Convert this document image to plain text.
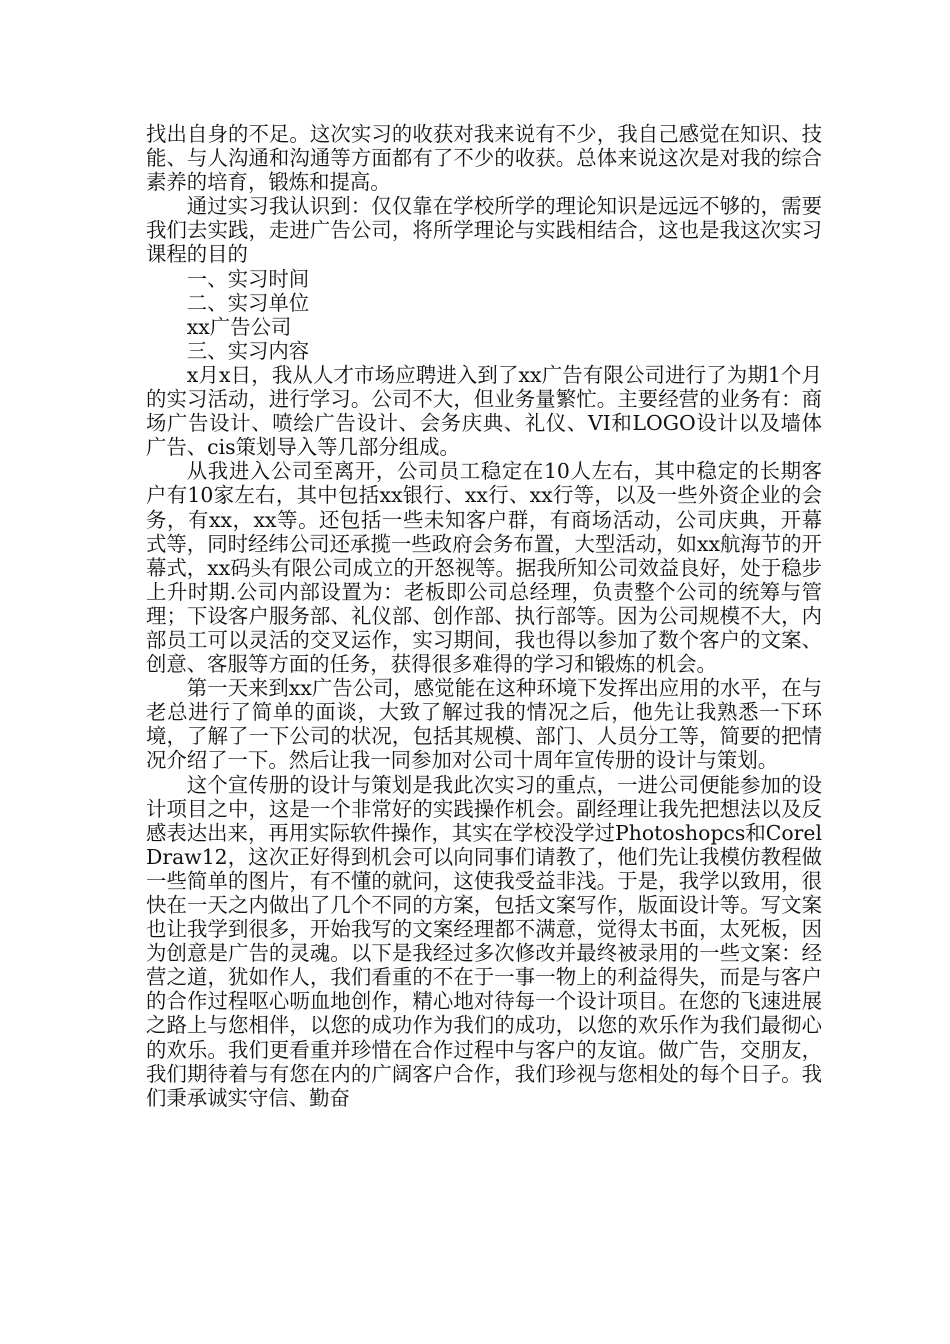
找出自身的不足。这次实习的收获对我来说有不少，我自己感觉在知识、技能、与人沟通和沟通等方面都有了不少的收获。总体来说这次是对我的综合素养的培育，锻炼和提高。

通过实习我认识到：仅仅靠在学校所学的理论知识是远远不够的，需要我们去实践，走进广告公司，将所学理论与实践相结合，这也是我这次实习课程的目的

一、实习时间

二、实习单位

xx广告公司

三、实习内容

x月x日，我从人才市场应聘进入到了xx广告有限公司进行了为期1个月的实习活动，进行学习。公司不大，但业务量繁忙。主要经营的业务有：商场广告设计、喷绘广告设计、会务庆典、礼仪、VI和LOGO设计以及墙体广告、cis策划导入等几部分组成。

从我进入公司至离开，公司员工稳定在10人左右，其中稳定的长期客户有10家左右，其中包括xx银行、xx行、xx行等，以及一些外资企业的会务，有xx，xx等。还包括一些未知客户群，有商场活动，公司庆典，开幕式等，同时经纬公司还承揽一些政府会务布置，大型活动，如xx航海节的开幕式，xx码头有限公司成立的开怒视等。据我所知公司效益良好，处于稳步上升时期.公司内部设置为：老板即公司总经理，负责整个公司的统筹与管理；下设客户服务部、礼仪部、创作部、执行部等。因为公司规模不大，内部员工可以灵活的交叉运作，实习期间，我也得以参加了数个客户的文案、创意、客服等方面的任务，获得很多难得的学习和锻炼的机会。

第一天来到xx广告公司，感觉能在这种环境下发挥出应用的水平，在与老总进行了简单的面谈，大致了解过我的情况之后，他先让我熟悉一下环境，了解了一下公司的状况，包括其规模、部门、人员分工等，简要的把情况介绍了一下。然后让我一同参加对公司十周年宣传册的设计与策划。

这个宣传册的设计与策划是我此次实习的重点，一进公司便能参加的设计项目之中，这是一个非常好的实践操作机会。副经理让我先把想法以及反感表达出来，再用实际软件操作，其实在学校没学过Photoshopcs和CorelDraw12，这次正好得到机会可以向同事们请教了，他们先让我模仿教程做一些简单的图片，有不懂的就问，这使我受益非浅。于是，我学以致用，很快在一天之内做出了几个不同的方案，包括文案写作，版面设计等。写文案也让我学到很多，开始我写的文案经理都不满意，觉得太书面，太死板，因为创意是广告的灵魂。以下是我经过多次修改并最终被录用的一些文案：经营之道，犹如作人，我们看重的不在于一事一物上的利益得失，而是与客户的合作过程呕心呖血地创作，精心地对待每一个设计项目。在您的飞速进展之路上与您相伴，以您的成功作为我们的成功，以您的欢乐作为我们最彻心的欢乐。我们更看重并珍惜在合作过程中与客户的友谊。做广告，交朋友，我们期待着与有您在内的广阔客户合作，我们珍视与您相处的每个日子。我们秉承诚实守信、勤奋
